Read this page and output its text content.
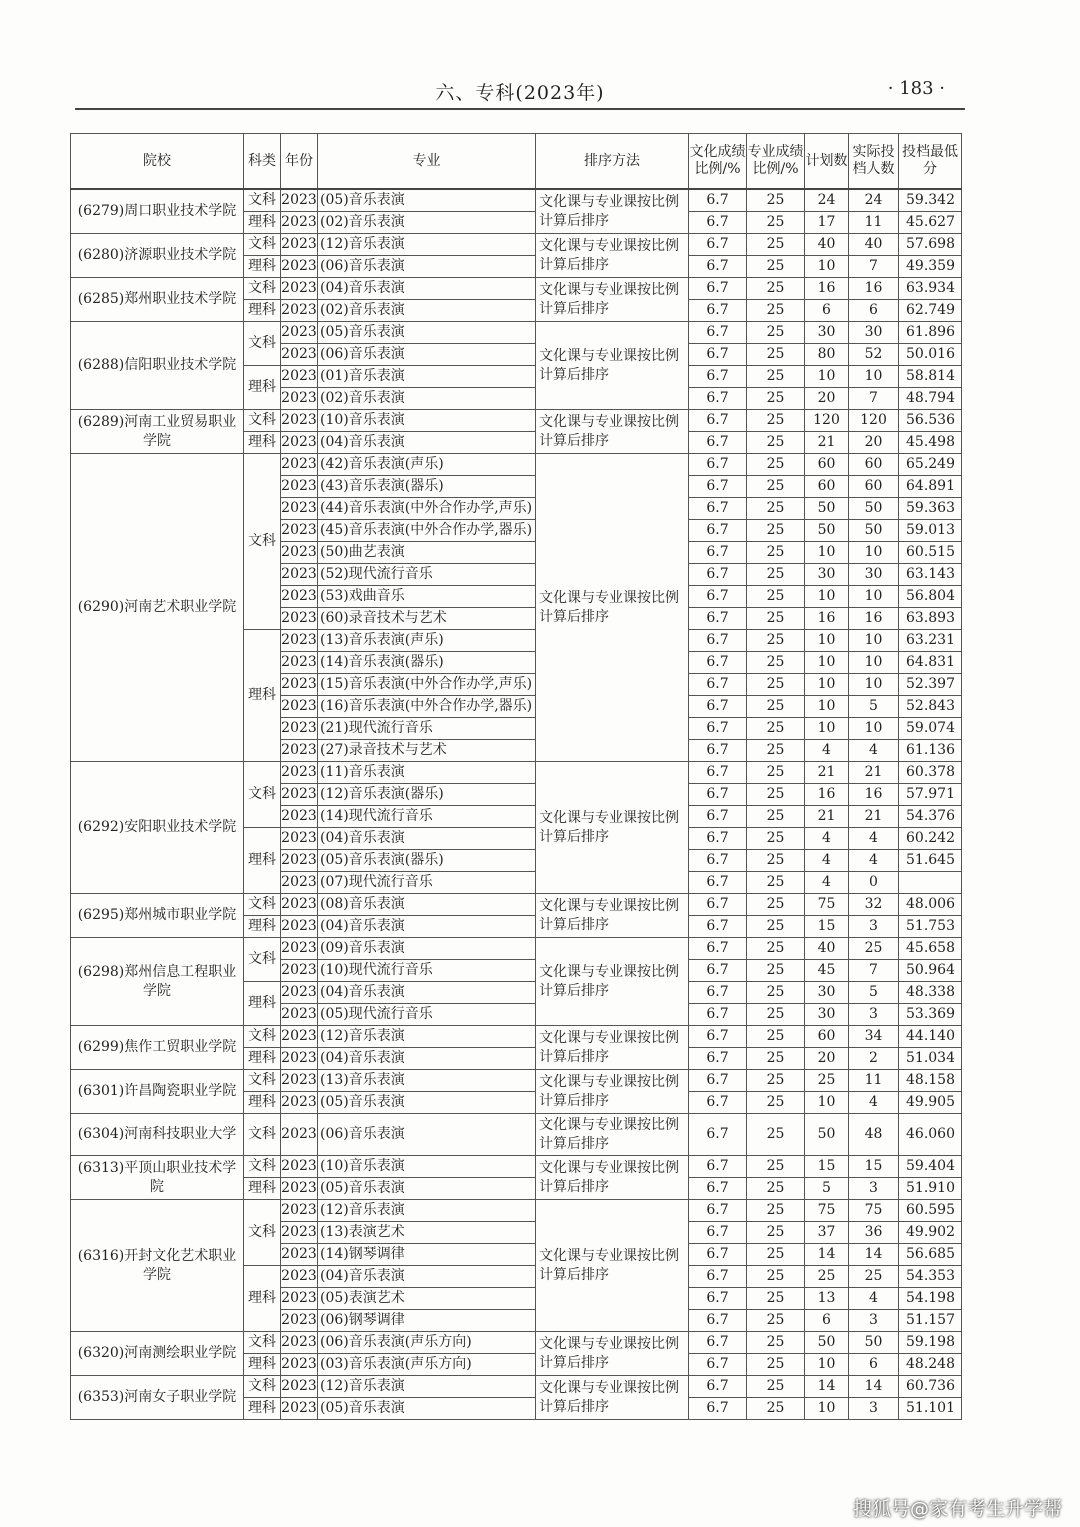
六、专科(2023年)	· 183 ·
院校	科类	年份	专业	排序方法	文化成绩比例/%	专业成绩比例/%	计划数	实际投档人数	投档最低分
(6279)周口职业技术学院	文科	2023	(05)音乐表演	文化课与专业课按比例计算后排序	6.7	25	24	24	59.342
	理科	2023	(02)音乐表演		6.7	25	17	11	45.627
(6280)济源职业技术学院	文科	2023	(12)音乐表演	文化课与专业课按比例计算后排序	6.7	25	40	40	57.698
	理科	2023	(06)音乐表演		6.7	25	10	7	49.359
(6285)郑州职业技术学院	文科	2023	(04)音乐表演	文化课与专业课按比例计算后排序	6.7	25	16	16	63.934
	理科	2023	(02)音乐表演		6.7	25	6	6	62.749
(6288)信阳职业技术学院	文科	2023	(05)音乐表演	文化课与专业课按比例计算后排序	6.7	25	30	30	61.896
		2023	(06)音乐表演		6.7	25	80	52	50.016
	理科	2023	(01)音乐表演		6.7	25	10	10	58.814
		2023	(02)音乐表演		6.7	25	20	7	48.794
(6289)河南工业贸易职业学院	文科	2023	(10)音乐表演	文化课与专业课按比例计算后排序	6.7	25	120	120	56.536
	理科	2023	(04)音乐表演		6.7	25	21	20	45.498
(6290)河南艺术职业学院	文科	2023	(42)音乐表演(声乐)	文化课与专业课按比例计算后排序	6.7	25	60	60	65.249
		2023	(43)音乐表演(器乐)		6.7	25	60	60	64.891
		2023	(44)音乐表演(中外合作办学,声乐)		6.7	25	50	50	59.363
		2023	(45)音乐表演(中外合作办学,器乐)		6.7	25	50	50	59.013
		2023	(50)曲艺表演		6.7	25	10	10	60.515
		2023	(52)现代流行音乐		6.7	25	30	30	63.143
		2023	(53)戏曲音乐		6.7	25	10	10	56.804
		2023	(60)录音技术与艺术		6.7	25	16	16	63.893
	理科	2023	(13)音乐表演(声乐)		6.7	25	10	10	63.231
		2023	(14)音乐表演(器乐)		6.7	25	10	10	64.831
		2023	(15)音乐表演(中外合作办学,声乐)		6.7	25	10	10	52.397
		2023	(16)音乐表演(中外合作办学,器乐)		6.7	25	10	5	52.843
		2023	(21)现代流行音乐		6.7	25	10	10	59.074
		2023	(27)录音技术与艺术		6.7	25	4	4	61.136
(6292)安阳职业技术学院	文科	2023	(11)音乐表演	文化课与专业课按比例计算后排序	6.7	25	21	21	60.378
		2023	(12)音乐表演(器乐)		6.7	25	16	16	57.971
		2023	(14)现代流行音乐		6.7	25	21	21	54.376
	理科	2023	(04)音乐表演		6.7	25	4	4	60.242
		2023	(05)音乐表演(器乐)		6.7	25	4	4	51.645
		2023	(07)现代流行音乐		6.7	25	4	0	
(6295)郑州城市职业学院	文科	2023	(08)音乐表演	文化课与专业课按比例计算后排序	6.7	25	75	32	48.006
	理科	2023	(04)音乐表演		6.7	25	15	3	51.753
(6298)郑州信息工程职业学院	文科	2023	(09)音乐表演	文化课与专业课按比例计算后排序	6.7	25	40	25	45.658
		2023	(10)现代流行音乐		6.7	25	45	7	50.964
	理科	2023	(04)音乐表演		6.7	25	30	5	48.338
		2023	(05)现代流行音乐		6.7	25	30	3	53.369
(6299)焦作工贸职业学院	文科	2023	(12)音乐表演	文化课与专业课按比例计算后排序	6.7	25	60	34	44.140
	理科	2023	(04)音乐表演		6.7	25	20	2	51.034
(6301)许昌陶瓷职业学院	文科	2023	(13)音乐表演	文化课与专业课按比例计算后排序	6.7	25	25	11	48.158
	理科	2023	(05)音乐表演		6.7	25	10	4	49.905
(6304)河南科技职业大学	文科	2023	(06)音乐表演	文化课与专业课按比例计算后排序	6.7	25	50	48	46.060
(6313)平顶山职业技术学院	文科	2023	(10)音乐表演	文化课与专业课按比例计算后排序	6.7	25	15	15	59.404
	理科	2023	(05)音乐表演		6.7	25	5	3	51.910
(6316)开封文化艺术职业学院	文科	2023	(12)音乐表演	文化课与专业课按比例计算后排序	6.7	25	75	75	60.595
		2023	(13)表演艺术		6.7	25	37	36	49.902
		2023	(14)钢琴调律		6.7	25	14	14	56.685
	理科	2023	(04)音乐表演		6.7	25	25	25	54.353
		2023	(05)表演艺术		6.7	25	13	4	54.198
		2023	(06)钢琴调律		6.7	25	6	3	51.157
(6320)河南测绘职业学院	文科	2023	(06)音乐表演(声乐方向)	文化课与专业课按比例计算后排序	6.7	25	50	50	59.198
	理科	2023	(03)音乐表演(声乐方向)		6.7	25	10	6	48.248
(6353)河南女子职业学院	文科	2023	(12)音乐表演	文化课与专业课按比例计算后排序	6.7	25	14	14	60.736
	理科	2023	(05)音乐表演		6.7	25	10	3	51.101
搜狐号@家有考生升学帮
